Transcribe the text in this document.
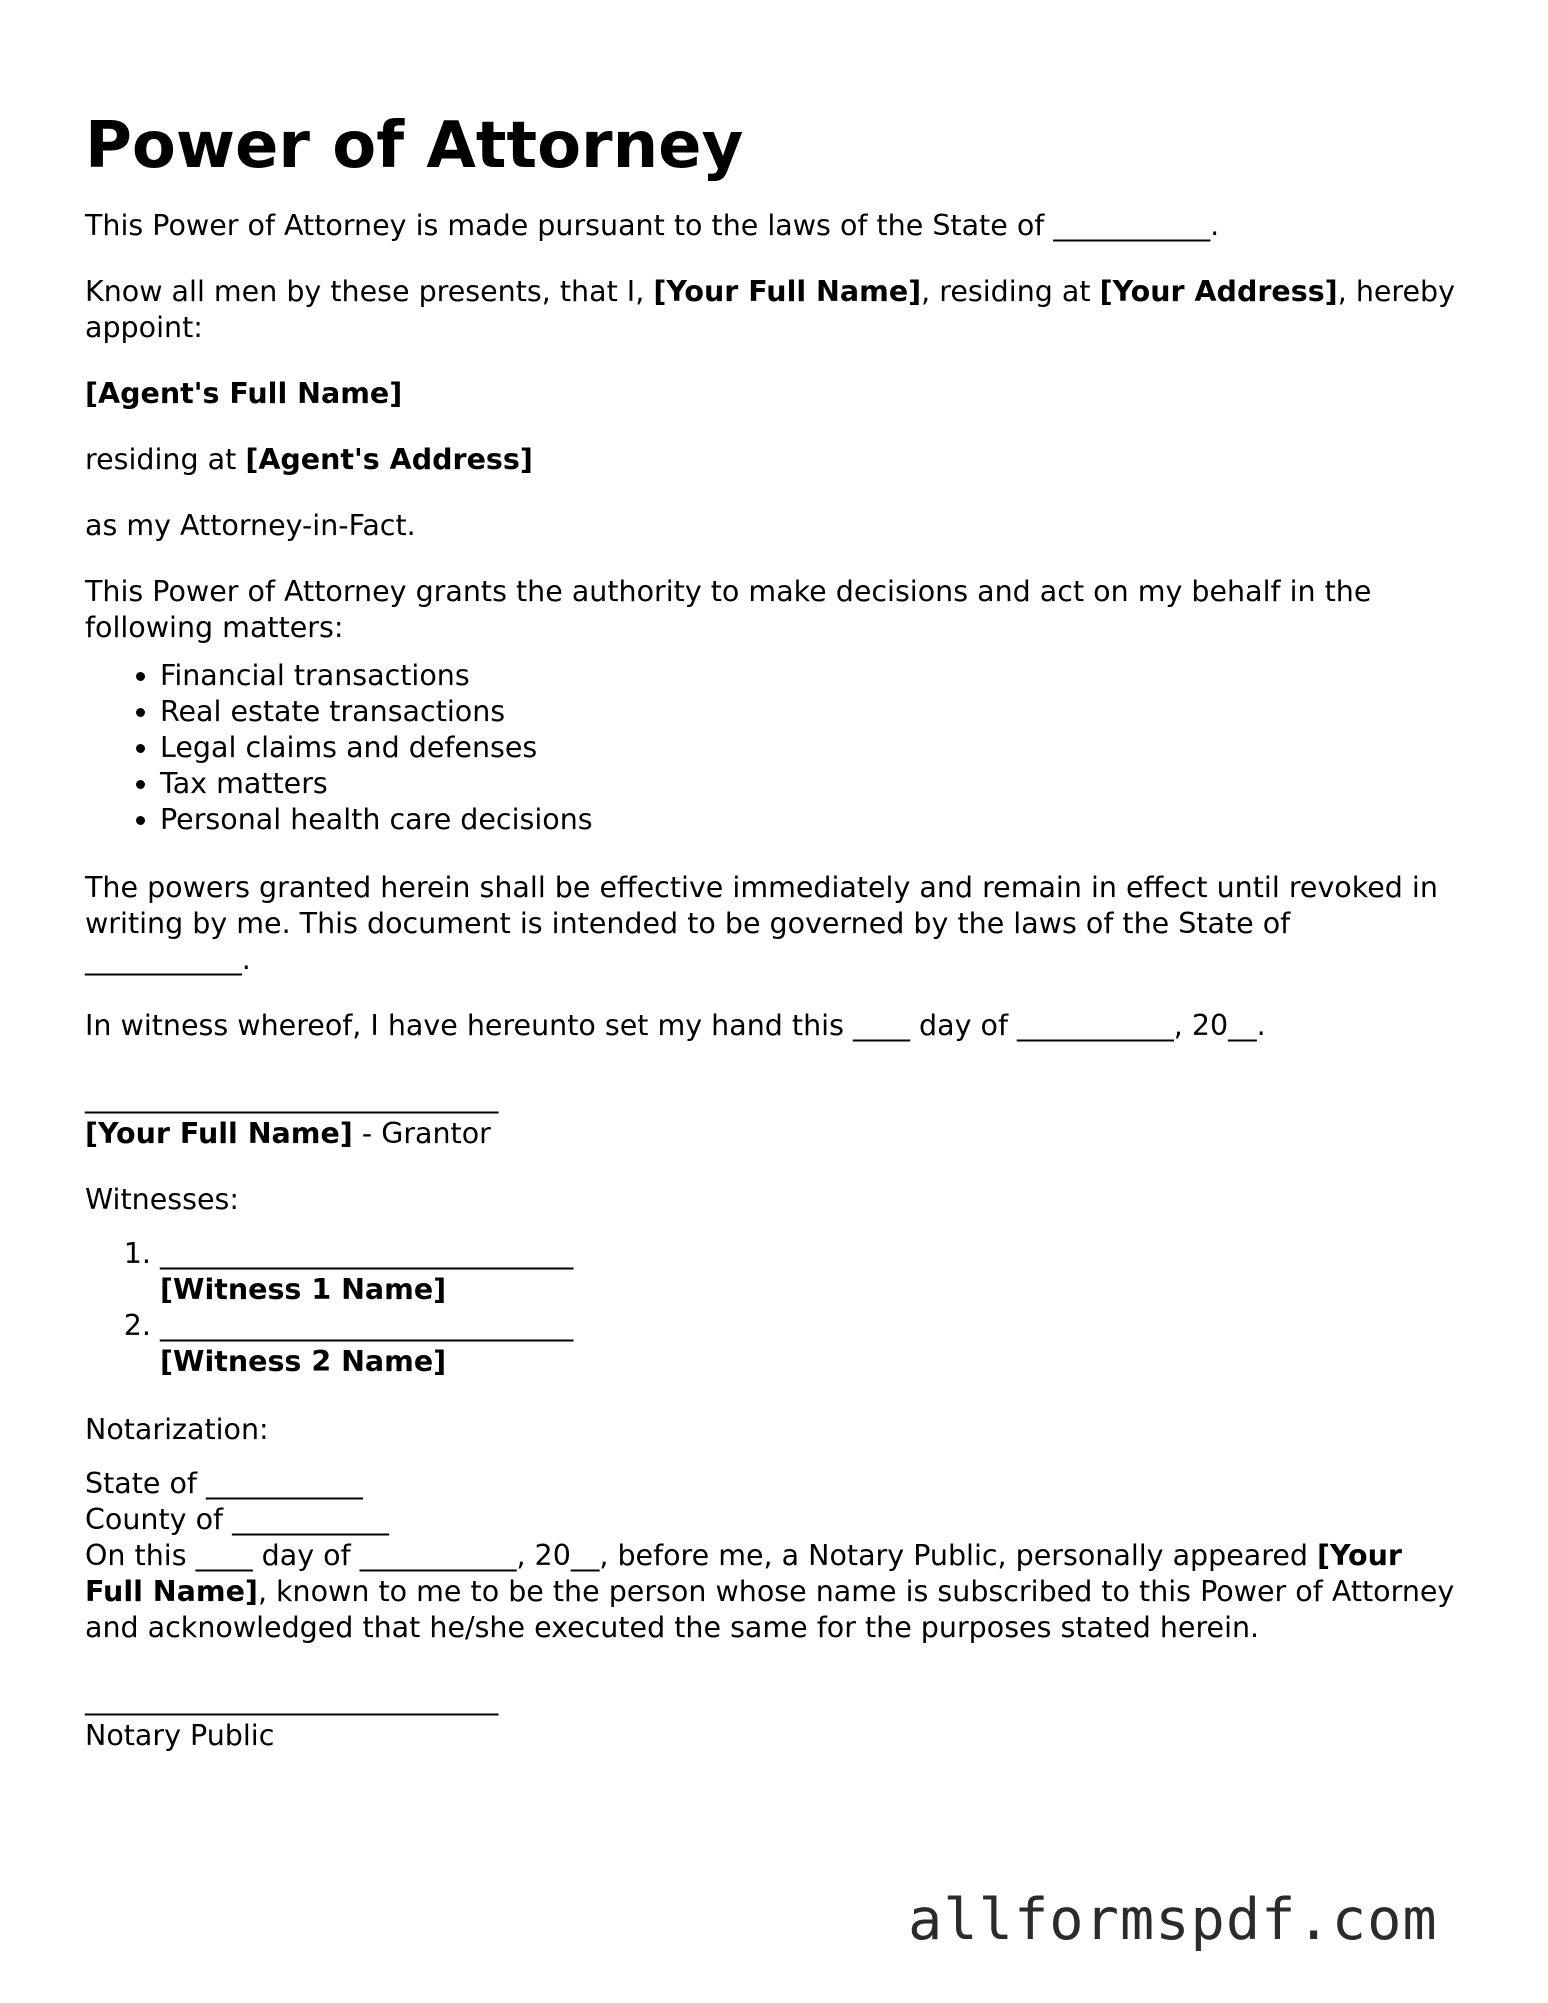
Power of Attorney

This Power of Attorney is made pursuant to the laws of the State of ___________.

Know all men by these presents, that I, [Your Full Name], residing at [Your Address], hereby appoint:

[Agent's Full Name]

residing at [Agent's Address]

as my Attorney-in-Fact.

This Power of Attorney grants the authority to make decisions and act on my behalf in the following matters:

• Financial transactions
• Real estate transactions
• Legal claims and defenses
• Tax matters
• Personal health care decisions

The powers granted herein shall be effective immediately and remain in effect until revoked in writing by me. This document is intended to be governed by the laws of the State of ___________.

In witness whereof, I have hereunto set my hand this ____ day of ___________, 20__.

_____________________________
[Your Full Name] - Grantor

Witnesses:

1. _____________________________
[Witness 1 Name]
2. _____________________________
[Witness 2 Name]

Notarization:

State of ___________
County of ___________
On this ____ day of ___________, 20__, before me, a Notary Public, personally appeared [Your Full Name], known to me to be the person whose name is subscribed to this Power of Attorney and acknowledged that he/she executed the same for the purposes stated herein.

_____________________________
Notary Public

allformspdf.com
